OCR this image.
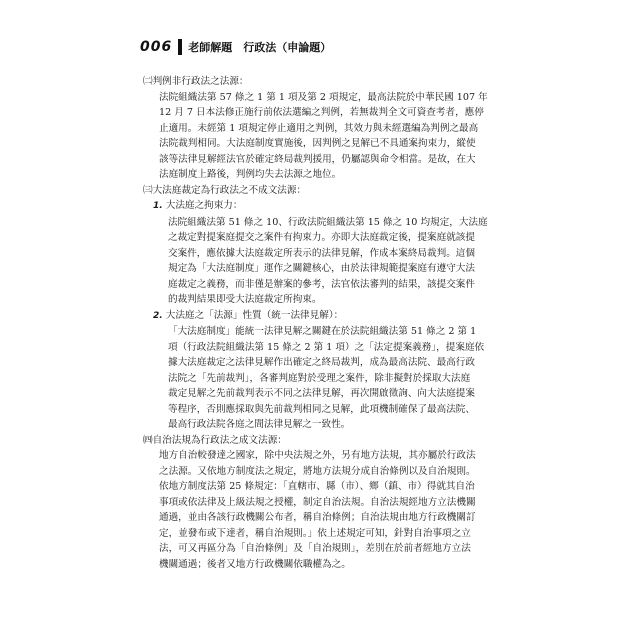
006 老師解題　行政法（申論題）

㈡判例非行政法之法源：

法院組織法第 57 條之 1 第 1 項及第 2 項規定，最高法院於中華民國 107 年
12 月 7 日本法修正施行前依法選編之判例，若無裁判全文可資查考者，應停
止適用。未經第 1 項規定停止適用之判例，其效力與未經選編為判例之最高
法院裁判相同。大法庭制度實施後，因判例之見解已不具通案拘束力，縱使
該等法律見解經法官於確定終局裁判援用，仍屬認與命令相當。是故，在大
法庭制度上路後，判例均失去法源之地位。

㈢大法庭裁定為行政法之不成文法源：

1. 大法庭之拘束力：

法院組織法第 51 條之 10、行政法院組織法第 15 條之 10 均規定，大法庭
之裁定對提案庭提交之案件有拘束力。亦即大法庭裁定後，提案庭就該提
交案件，應依據大法庭裁定所表示的法律見解，作成本案終局裁判。這個
規定為「大法庭制度」運作之關鍵核心，由於法律規範提案庭有遵守大法
庭裁定之義務，而非僅是辦案的參考，法官依法審判的結果，該提交案件
的裁判結果即受大法庭裁定所拘束。

2. 大法庭之「法源」性質（統一法律見解）：

「大法庭制度」能統一法律見解之關鍵在於法院組織法第 51 條之 2 第 1
項（行政法院組織法第 15 條之 2 第 1 項）之「法定提案義務」，提案庭依
據大法庭裁定之法律見解作出確定之終局裁判，成為最高法院、最高行政
法院之「先前裁判」，各審判庭對於受理之案件，除非擬對於採取大法庭
裁定見解之先前裁判表示不同之法律見解，再次開啟徵詢、向大法庭提案
等程序，否則應採取與先前裁判相同之見解，此項機制確保了最高法院、
最高行政法院各庭之間法律見解之一致性。

㈣自治法規為行政法之成文法源：

地方自治較發達之國家，除中央法規之外，另有地方法規，其亦屬於行政法
之法源。又依地方制度法之規定，將地方法規分成自治條例以及自治規則。
依地方制度法第 25 條規定：「直轄市、縣（市）、鄉（鎮、市）得就其自治
事項或依法律及上級法規之授權，制定自治法規。自治法規經地方立法機關
通過，並由各該行政機關公布者，稱自治條例；自治法規由地方行政機關訂
定，並發布或下達者，稱自治規則。」依上述規定可知，針對自治事項之立
法，可又再區分為「自治條例」及「自治規則」，差別在於前者經地方立法
機關通過；後者又地方行政機關依職權為之。
